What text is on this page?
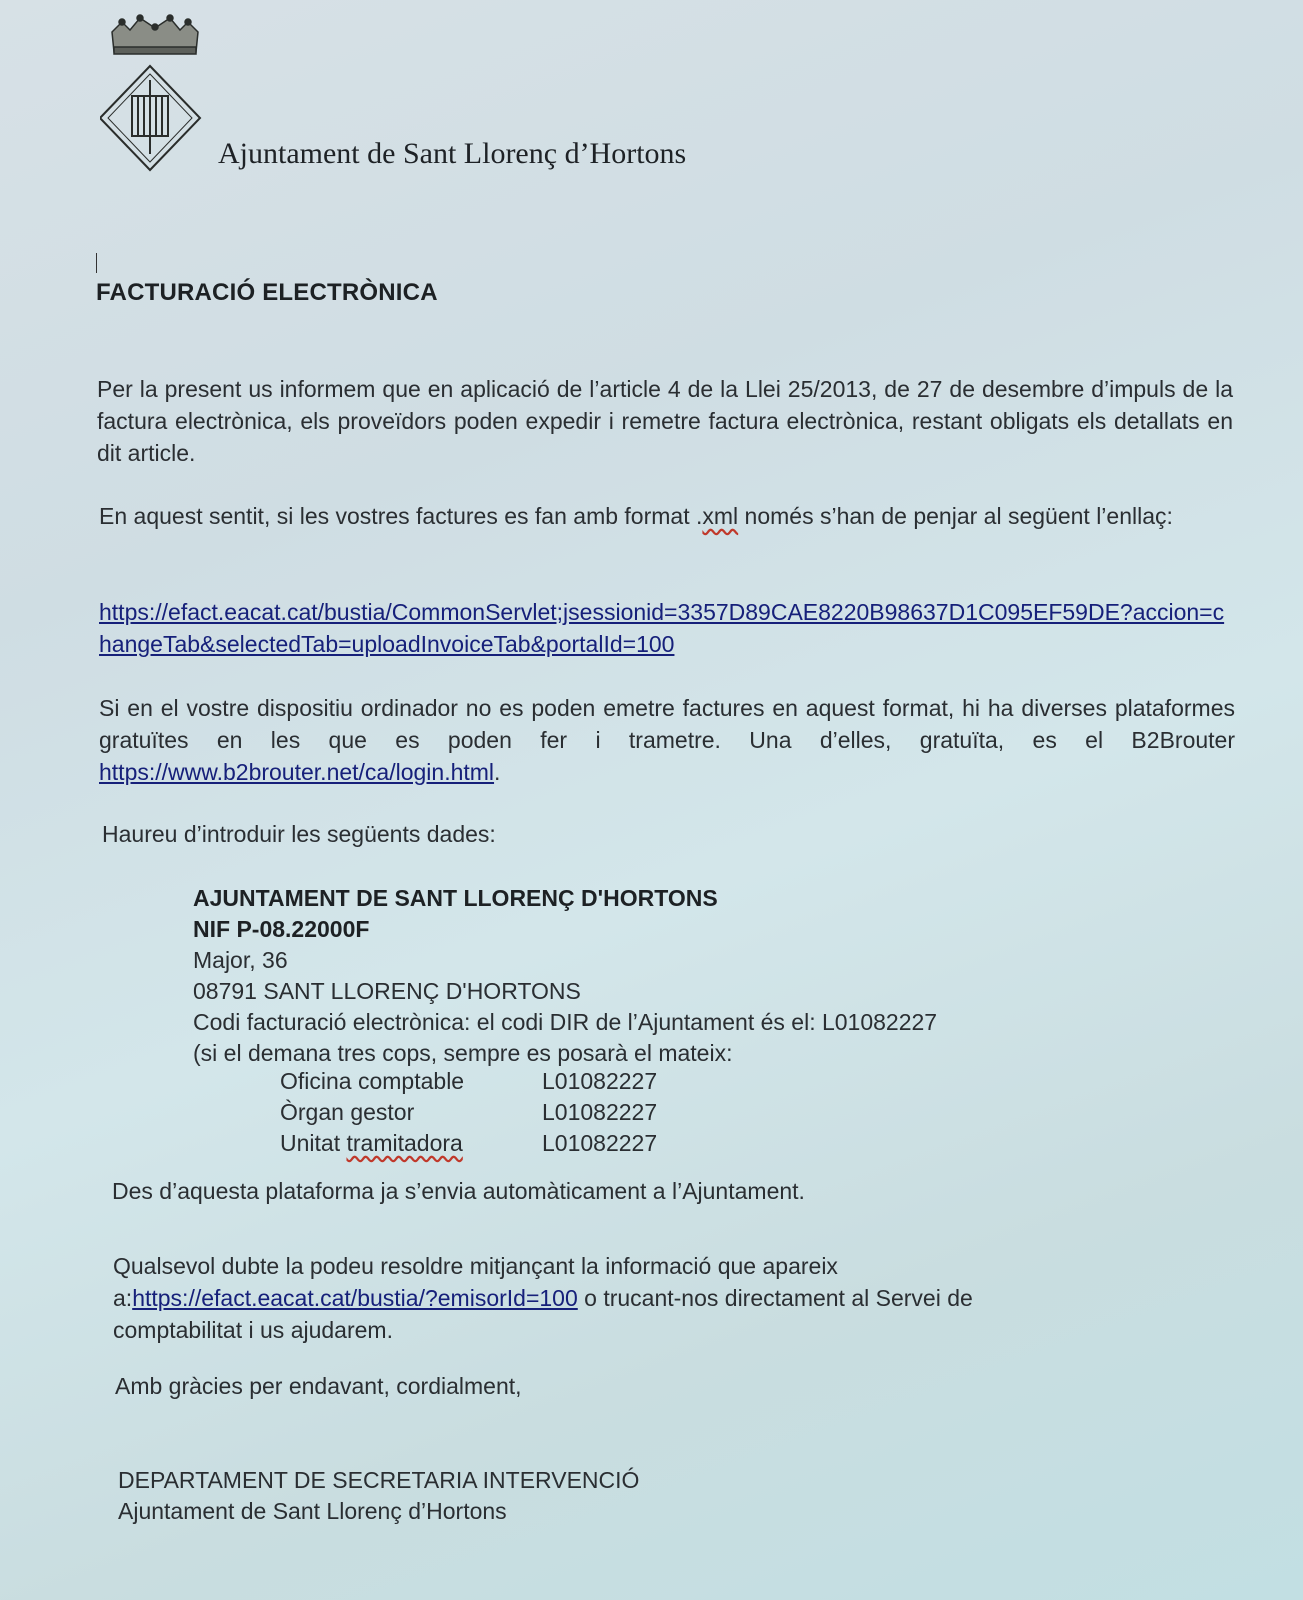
Ajuntament de Sant Llorenç d’Hortons
FACTURACIÓ ELECTRÒNICA

Per la present us informem que en aplicació de l’article 4 de la Llei 25/2013, de 27 de desembre d’impuls de la factura electrònica, els proveïdors poden expedir i remetre factura electrònica, restant obligats els detallats en dit article.

En aquest sentit, si les vostres factures es fan amb format .xml només s’han de penjar al següent l’enllaç:

https://efact.eacat.cat/bustia/CommonServlet;jsessionid=3357D89CAE8220B98637D1C095EF59DE?accion=changeTab&selectedTab=uploadInvoiceTab&portalId=100

Si en el vostre dispositiu ordinador no es poden emetre factures en aquest format, hi ha diverses plataformes gratuïtes en les que es poden fer i trametre. Una d’elles, gratuïta, es el B2Brouter https://www.b2brouter.net/ca/login.html.

Haureu d’introduir les següents dades:

AJUNTAMENT DE SANT LLORENÇ D'HORTONS
NIF P-08.22000F
Major, 36
08791 SANT LLORENÇ D'HORTONS
Codi facturació electrònica: el codi DIR de l’Ajuntament és el: L01082227
(si el demana tres cops, sempre es posarà el mateix:
Oficina comptable	L01082227
Òrgan gestor	L01082227
Unitat tramitadora	L01082227

Des d’aquesta plataforma ja s’envia automàticament a l’Ajuntament.

Qualsevol dubte la podeu resoldre mitjançant la informació que apareix a:https://efact.eacat.cat/bustia/?emisorId=100 o trucant-nos directament al Servei de comptabilitat i us ajudarem.

Amb gràcies per endavant, cordialment,

DEPARTAMENT DE SECRETARIA INTERVENCIÓ
Ajuntament de Sant Llorenç d’Hortons
